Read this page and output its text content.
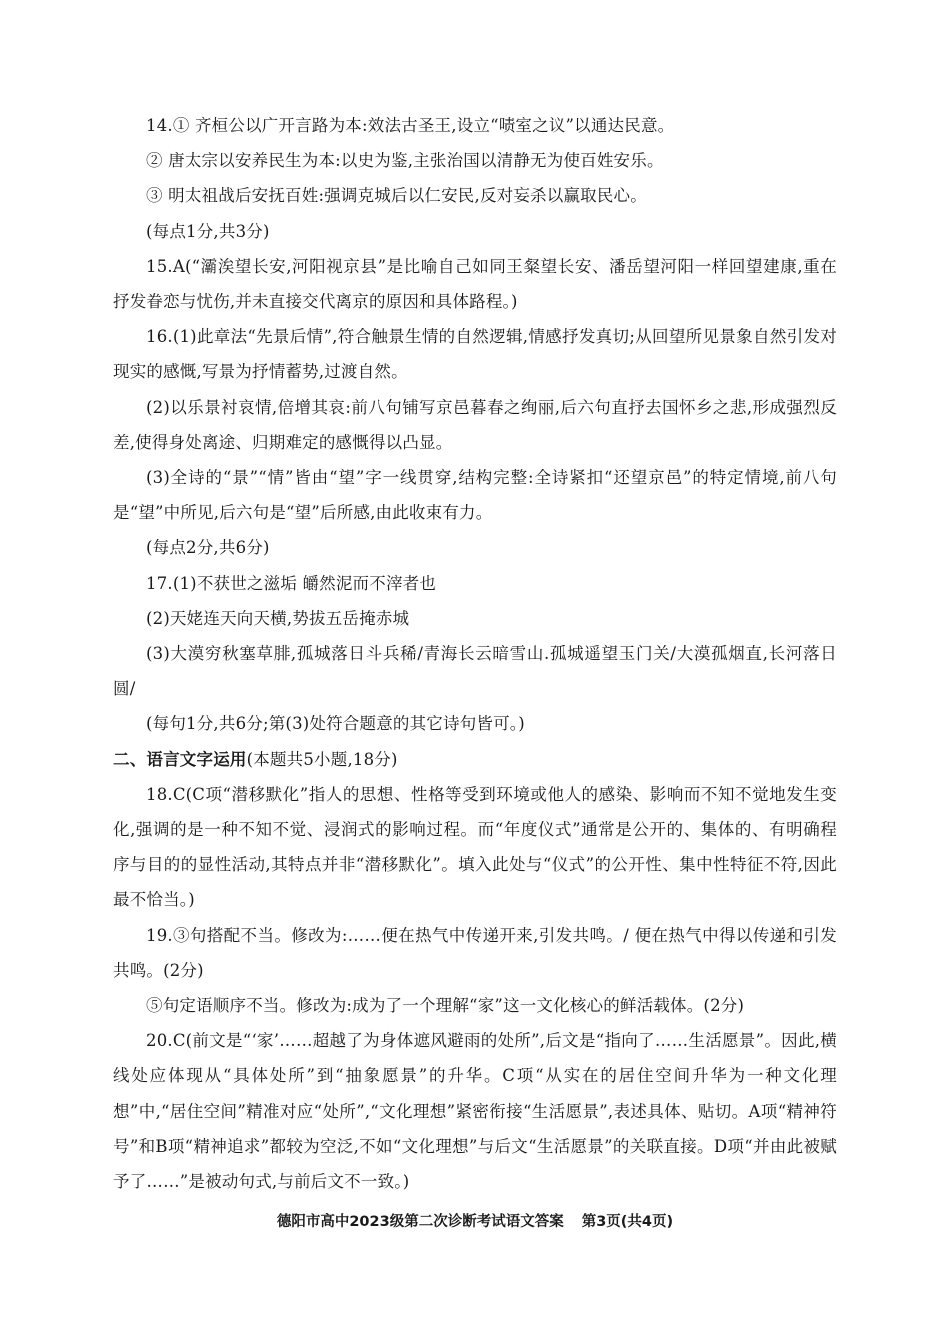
14.① 齐桓公以广开言路为本:效法古圣王,设立“啧室之议”以通达民意。

② 唐太宗以安养民生为本:以史为鉴,主张治国以清静无为使百姓安乐。

③ 明太祖战后安抚百姓:强调克城后以仁安民,反对妄杀以赢取民心。

(每点1分,共3分)

15.A(“灞涘望长安,河阳视京县”是比喻自己如同王粲望长安、潘岳望河阳一样回望建康,重在抒发眷恋与忧伤,并未直接交代离京的原因和具体路程。)

16.(1)此章法“先景后情”,符合触景生情的自然逻辑,情感抒发真切;从回望所见景象自然引发对现实的感慨,写景为抒情蓄势,过渡自然。

(2)以乐景衬哀情,倍增其哀:前八句铺写京邑暮春之绚丽,后六句直抒去国怀乡之悲,形成强烈反差,使得身处离途、归期难定的感慨得以凸显。

(3)全诗的“景”“情”皆由“望”字一线贯穿,结构完整:全诗紧扣“还望京邑”的特定情境,前八句是“望”中所见,后六句是“望”后所感,由此收束有力。

(每点2分,共6分)

17.(1)不获世之滋垢 皭然泥而不滓者也

(2)天姥连天向天横,势拔五岳掩赤城

(3)大漠穷秋塞草腓,孤城落日斗兵稀/青海长云暗雪山.孤城遥望玉门关/大漠孤烟直,长河落日圆/

(每句1分,共6分;第(3)处符合题意的其它诗句皆可。)

二、语言文字运用(本题共5小题,18分)

18.C(C项“潜移默化”指人的思想、性格等受到环境或他人的感染、影响而不知不觉地发生变化,强调的是一种不知不觉、浸润式的影响过程。而“年度仪式”通常是公开的、集体的、有明确程序与目的的显性活动,其特点并非“潜移默化”。填入此处与“仪式”的公开性、集中性特征不符,因此最不恰当。)

19.③句搭配不当。修改为:……便在热气中传递开来,引发共鸣。/ 便在热气中得以传递和引发共鸣。(2分)

⑤句定语顺序不当。修改为:成为了一个理解“家”这一文化核心的鲜活载体。(2分)

20.C(前文是“‘家’……超越了为身体遮风避雨的处所”,后文是“指向了……生活愿景”。因此,横线处应体现从“具体处所”到“抽象愿景”的升华。C项“从实在的居住空间升华为一种文化理想”中,“居住空间”精准对应“处所”,“文化理想”紧密衔接“生活愿景”,表述具体、贴切。A项“精神符号”和B项“精神追求”都较为空泛,不如“文化理想”与后文“生活愿景”的关联直接。D项“并由此被赋予了……”是被动句式,与前后文不一致。)

德阳市高中2023级第二次诊断考试语文答案 第3页(共4页)
